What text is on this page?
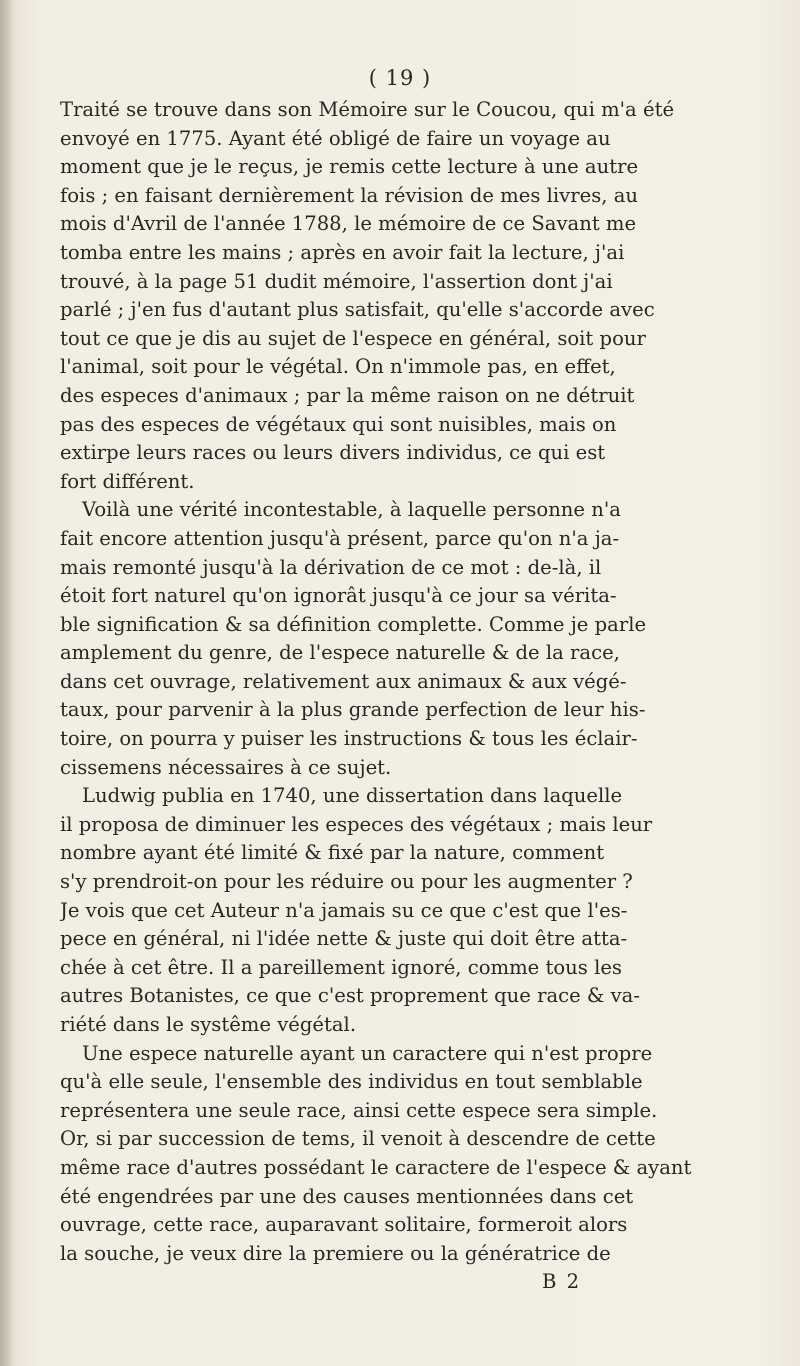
( 19 )
Traité se trouve dans son Mémoire sur le Coucou, qui m'a été
envoyé en 1775. Ayant été obligé de faire un voyage au
moment que je le reçus, je remis cette lecture à une autre
fois ; en faisant dernièrement la révision de mes livres, au
mois d'Avril de l'année 1788, le mémoire de ce Savant me
tomba entre les mains ; après en avoir fait la lecture, j'ai
trouvé, à la page 51 dudit mémoire, l'assertion dont j'ai
parlé ; j'en fus d'autant plus satisfait, qu'elle s'accorde avec
tout ce que je dis au sujet de l'espece en général, soit pour
l'animal, soit pour le végétal. On n'immole pas, en effet,
des especes d'animaux ; par la même raison on ne détruit
pas des especes de végétaux qui sont nuisibles, mais on
extirpe leurs races ou leurs divers individus, ce qui est
fort différent.
Voilà une vérité incontestable, à laquelle personne n'a
fait encore attention jusqu'à présent, parce qu'on n'a ja-
mais remonté jusqu'à la dérivation de ce mot : de-là, il
étoit fort naturel qu'on ignorât jusqu'à ce jour sa vérita-
ble signification & sa définition complette. Comme je parle
amplement du genre, de l'espece naturelle & de la race,
dans cet ouvrage, relativement aux animaux & aux végé-
taux, pour parvenir à la plus grande perfection de leur his-
toire, on pourra y puiser les instructions & tous les éclair-
cissemens nécessaires à ce sujet.
Ludwig publia en 1740, une dissertation dans laquelle
il proposa de diminuer les especes des végétaux ; mais leur
nombre ayant été limité & fixé par la nature, comment
s'y prendroit-on pour les réduire ou pour les augmenter ?
Je vois que cet Auteur n'a jamais su ce que c'est que l'es-
pece en général, ni l'idée nette & juste qui doit être atta-
chée à cet être. Il a pareillement ignoré, comme tous les
autres Botanistes, ce que c'est proprement que race & va-
riété dans le systême végétal.
Une espece naturelle ayant un caractere qui n'est propre
qu'à elle seule, l'ensemble des individus en tout semblable
représentera une seule race, ainsi cette espece sera simple.
Or, si par succession de tems, il venoit à descendre de cette
même race d'autres possédant le caractere de l'espece & ayant
été engendrées par une des causes mentionnées dans cet
ouvrage, cette race, auparavant solitaire, formeroit alors
la souche, je veux dire la premiere ou la génératrice de
B 2
